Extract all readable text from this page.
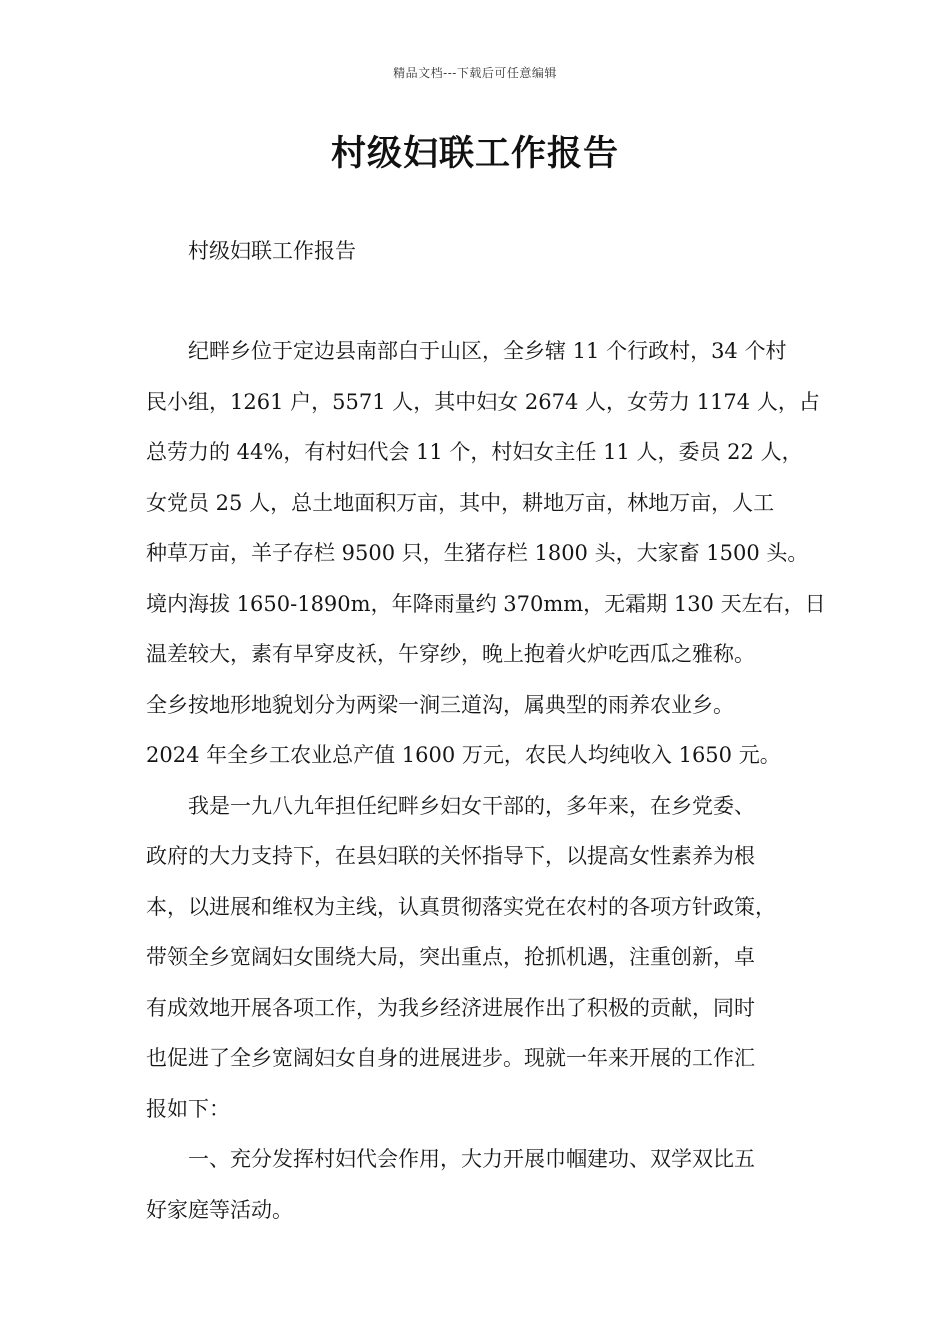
精品文档---下载后可任意编辑
村级妇联工作报告

村级妇联工作报告

纪畔乡位于定边县南部白于山区，全乡辖 11 个行政村，34 个村
民小组，1261 户，5571 人，其中妇女 2674 人，女劳力 1174 人，占
总劳力的 44%，有村妇代会 11 个，村妇女主任 11 人，委员 22 人，
女党员 25 人，总土地面积万亩，其中，耕地万亩，林地万亩，人工
种草万亩，羊子存栏 9500 只，生猪存栏 1800 头，大家畜 1500 头。
境内海拔 1650-1890m，年降雨量约 370mm，无霜期 130 天左右，日
温差较大，素有早穿皮袄，午穿纱，晚上抱着火炉吃西瓜之雅称。
全乡按地形地貌划分为两梁一涧三道沟，属典型的雨养农业乡。
2024 年全乡工农业总产值 1600 万元，农民人均纯收入 1650 元。

我是一九八九年担任纪畔乡妇女干部的，多年来，在乡党委、
政府的大力支持下，在县妇联的关怀指导下，以提高女性素养为根
本，以进展和维权为主线，认真贯彻落实党在农村的各项方针政策，
带领全乡宽阔妇女围绕大局，突出重点，抢抓机遇，注重创新，卓
有成效地开展各项工作，为我乡经济进展作出了积极的贡献，同时
也促进了全乡宽阔妇女自身的进展进步。现就一年来开展的工作汇
报如下：

一、充分发挥村妇代会作用，大力开展巾帼建功、双学双比五
好家庭等活动。
